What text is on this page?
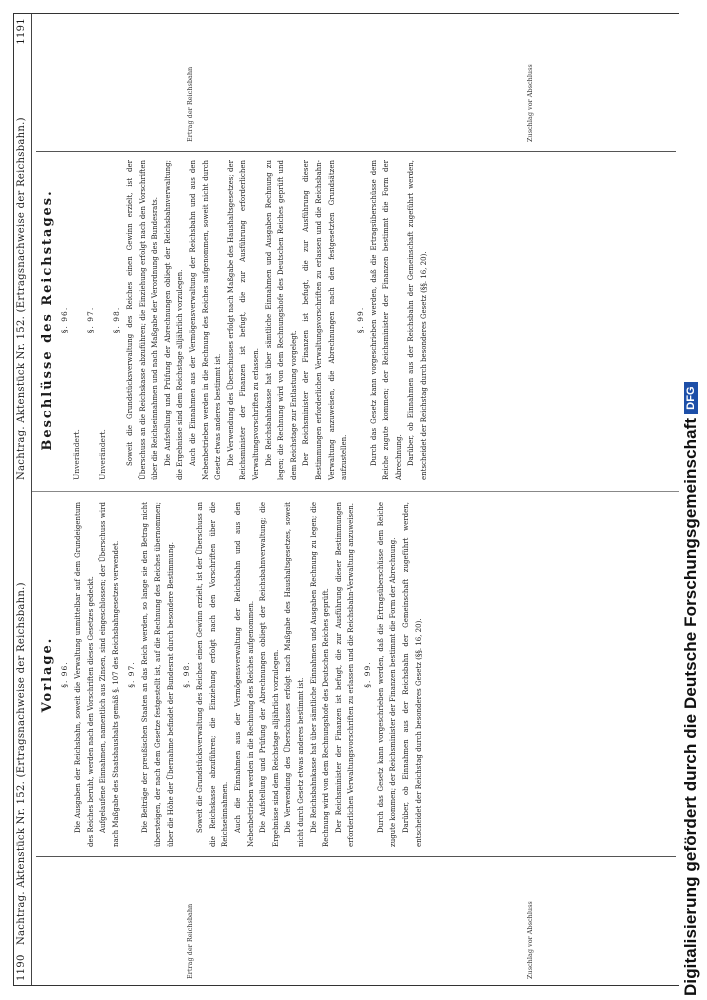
1190
Nachtrag. Aktenstück Nr. 152. (Ertragsnachweise der Reichsbahn.)
Nachtrag. Aktenstück Nr. 152. (Ertragsnachweise der Reichsbahn.)
1191
Ertrag der Reichsbahn	Zuschlag vor Abschluss
Vorlage. §. 96. Die Ausgaben der Reichsbahn, soweit die Verwaltung unmittelbar auf dem Grundeigentum des Reiches beruht, werden nach den Vorschriften dieses Gesetzes gedeckt. Aufgelaufene Einnahmen, namentlich aus Zinsen, sind eingeschlossen; der Überschuss wird nach Maßgabe des Staatshaushalts gemäß §. 107 des Reichsbahngesetzes verwendet.	§. 97. Die Beiträge der preußischen Staaten an das Reich werden, so lange sie den Betrag nicht übersteigen, der nach dem Gesetze festgestellt ist, auf die Rechnung des Reiches übernommen; über die Höhe der Übernahme befindet der Bundesrat durch besondere Bestimmung.	§. 98. Soweit die Grundstücksverwaltung des Reiches einen Gewinn erzielt, ist der Überschuss an die Reichskasse abzuführen; die Einziehung erfolgt nach den Vorschriften über die Reichseinnahmen. Auch die Einnahmen aus der Vermögensverwaltung der Reichsbahn und aus den Nebenbetrieben werden in die Rechnung des Reiches aufgenommen. Die Aufstellung und Prüfung der Abrechnungen obliegt der Reichsbahnverwaltung; die Ergebnisse sind dem Reichstage alljährlich vorzulegen. Die Verwendung des Überschusses erfolgt nach Maßgabe des Haushaltsgesetzes, soweit nicht durch Gesetz etwas anderes bestimmt ist. Die Reichsbahnkasse hat über sämtliche Einnahmen und Ausgaben Rechnung zu legen; die Rechnung wird von dem Rechnungshofe des Deutschen Reiches geprüft. Der Reichsminister der Finanzen ist befugt, die zur Ausführung dieser Bestimmungen erforderlichen Verwaltungsvorschriften zu erlassen und die Reichsbahn-Verwaltung anzuweisen.	§. 99. Durch das Gesetz kann vorgeschrieben werden, daß die Ertragsüberschüsse dem Reiche zugute kommen; der Reichsminister der Finanzen bestimmt die Form der Abrechnung. Darüber, ob Einnahmen aus der Reichsbahn der Gemeinschaft zugeführt werden, entscheidet der Reichstag durch besonderes Gesetz (§§. 16, 20).

Beschlüsse des Reichstages. §. 96.
Unverändert.
§. 97.
Unverändert.
§. 98. Soweit die Grundstücksverwaltung des Reiches einen Gewinn erzielt, ist der Überschuss an die Reichskasse abzuführen; die Einziehung erfolgt nach den Vorschriften über die Reichseinnahmen und nach Maßgabe der Verordnung des Bundesrats. Die Aufstellung und Prüfung der Abrechnungen obliegt der Reichsbahnverwaltung; die Ergebnisse sind dem Reichstage alljährlich vorzulegen. Auch die Einnahmen aus der Vermögensverwaltung der Reichsbahn und aus den Nebenbetrieben werden in die Rechnung des Reiches aufgenommen, soweit nicht durch Gesetz etwas anderes bestimmt ist. Die Verwendung des Überschusses erfolgt nach Maßgabe des Haushaltsgesetzes; der Reichsminister der Finanzen ist befugt, die zur Ausführung erforderlichen Verwaltungsvorschriften zu erlassen. Die Reichsbahnkasse hat über sämtliche Einnahmen und Ausgaben Rechnung zu legen; die Rechnung wird von dem Rechnungshofe des Deutschen Reiches geprüft und dem Reichstage zur Entlastung vorgelegt. Der Reichsminister der Finanzen ist befugt, die zur Ausführung dieser Bestimmungen erforderlichen Verwaltungsvorschriften zu erlassen und die Reichsbahn-Verwaltung anzuweisen, die Abrechnungen nach den festgesetzten Grundsätzen aufzustellen.

§. 99. Durch das Gesetz kann vorgeschrieben werden, daß die Ertragsüberschüsse dem Reiche zugute kommen; der Reichsminister der Finanzen bestimmt die Form der Abrechnung. Darüber, ob Einnahmen aus der Reichsbahn der Gemeinschaft zugeführt werden, entscheidet der Reichstag durch besonderes Gesetz (§§. 16, 20).

Ertrag der Reichsbahn	Zuschlag vor Abschluss
Digitalisierung gefördert durch die Deutsche ForschungsgemeinschaftDFG
